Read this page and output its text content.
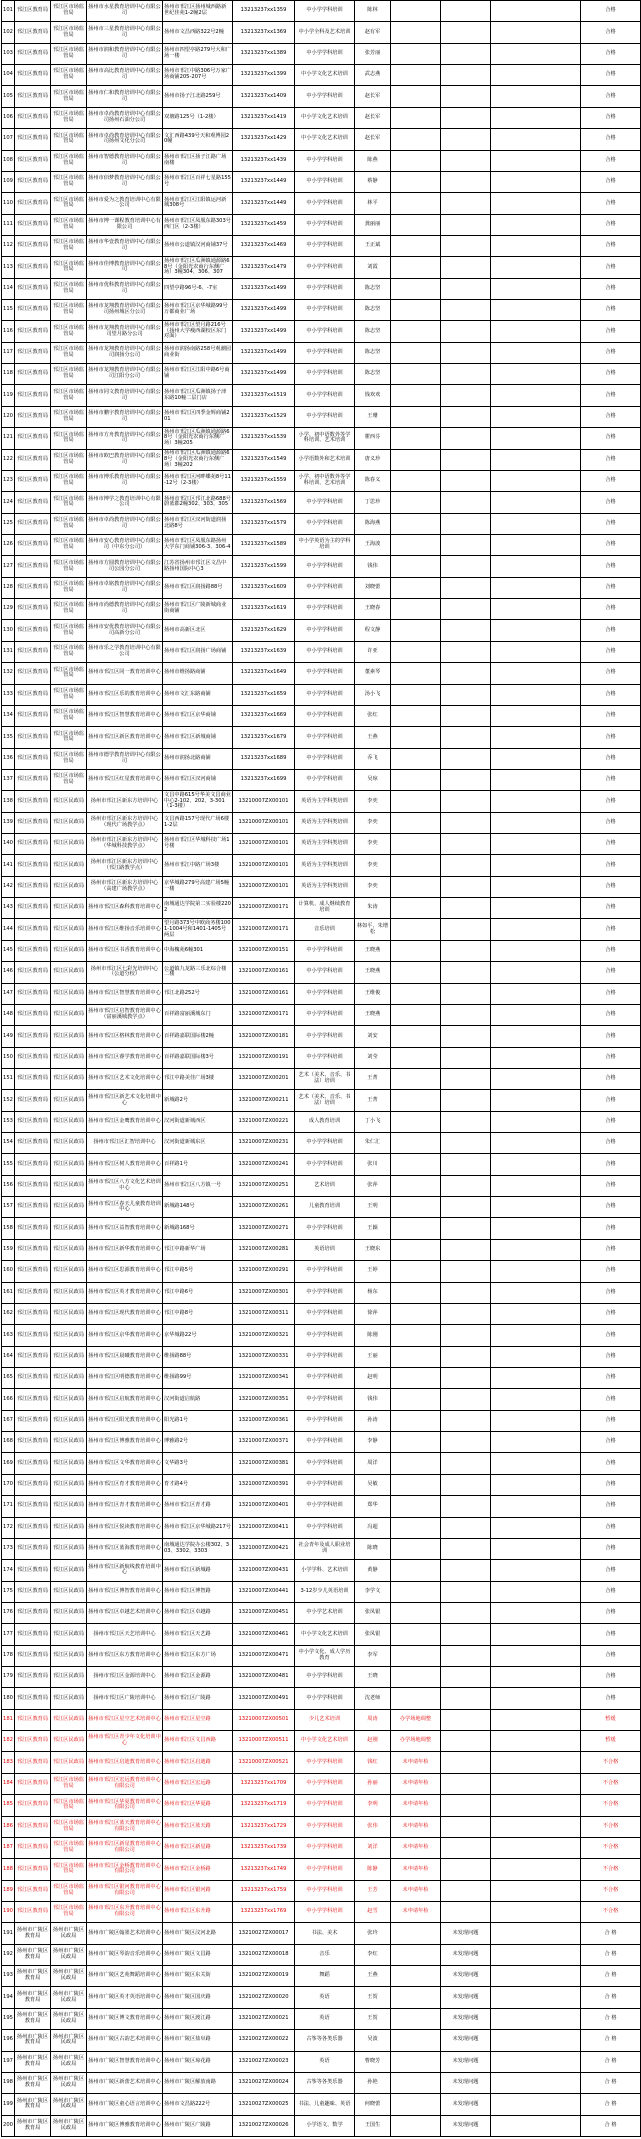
101	邗江区教育局	邗江区市场监管局	扬州市水星教育培训中心有限公司	扬州市邗江区扬州城西路新世纪佳苑1-2幢2层	13213237xx1359	中小学学科培训	陈林				合格
102	邗江区教育局	邗江区市场监管局	扬州市三星教育培训中心有限公司	扬州市文昌西路322号2幢	13213237xx1369	中小学全科及艺术培训	赵有军				合格
103	邗江区教育局	邗江区市场监管局	扬州市润和教育培训中心有限公司	扬州市四望亭路279号大和广场一楼	13213237xx1389	中小学学科培训	张芳丽				合格
104	邗江区教育局	邗江区市场监管局	扬州市高比教育培训中心有限公司	扬州市邗江中路306号万家广场商铺205-207号	13213237xx1399	中小学文化艺术培训	武志燕				合格
105	邗江区教育局	邗江区市场监管局	扬州市仁和教育培训中心有限公司	扬州市扬子江北路259号	13213237xx1409	中小学学科培训	赵长军				合格
106	邗江区教育局	邗江区市场监管局	扬州市卓尚教育培训中心有限公司扬州石油分公司	双塘路125号（1-2楼）	13213237xx1419	中小学文化艺术培训	赵长军				合格
107	邗江区教育局	邗江区市场监管局	扬州市卓尚教育培训中心有限公司扬州文化分公司	文汇西路439号天和观博园20幢	13213237xx1429	中小学文化艺术培训	赵长军				合格
108	邗江区教育局	邗江区市场监管局	扬州市智德教育培训中心有限公司	扬州市邗江区扬子江路广场南楼	13213237xx1439	中小学学科培训	陈燕				合格
109	邗江区教育局	邗江区市场监管局	扬州市佰梦教育培训中心有限公司	扬州市邗江区百祥七星路155号	13213237xx1449	中小学学科培训	蔡静				合格
110	邗江区教育局	邗江区市场监管局	扬州市爱为之教育培训中心有限公司	扬州市邗江区江阳镇运河新城308号	13213237xx1449	中小学学科培训	林平				合格
111	邗江区教育局	邗江区市场监管局	扬州市博一课程教育培训中心有限公司	扬州市邗江区凤凰东路303号西门区（2-3楼）	13213237xx1459	中小学学科培训	龚丽丽				合格
112	邗江区教育局	邗江区市场监管局	扬州市华壹教育培训中心有限公司	扬州市公道镇汉河商铺37号	13213237xx1469	中小学学科培训	王正斌				合格
113	邗江区教育局	邗江区市场监管局	扬州市佳博教育培训中心有限公司	扬州市邗江区瓜洲镇通源路68号（金阳光农商行东侧广场）3幢304、306、307	13213237xx1479	中小学学科培训	刘霞				合格
114	邗江区教育局	邗江区市场监管局	扬州市优科教育培训中心有限公司	四望亭路96号-6、-7室	13213237xx1499	中小学学科培训	陈志坚				合格
115	邗江区教育局	邗江区市场监管局	扬州市龙翔教育培训中心有限公司扬州城区分公司	扬州市邗江区京华城路99号万都商业广场	13213237xx1499	中小学学科培训	陈志坚				合格
116	邗江区教育局	邗江区市场监管局	扬州市龙翔教育培训中心有限公司望月路分公司	扬州市邗江区望月路216号（扬州大学瘦西湖校区东门对面）	13213237xx1499	中小学学科培训	陈志坚				合格
117	邗江区教育局	邗江区市场监管局	扬州市龙翔教育培训中心有限公司润扬分公司	扬州市润扬南路258号观潮园商业街	13213237xx1499	中小学学科培训	陈志坚				合格
118	邗江区教育局	邗江区市场监管局	扬州市龙翔教育培训中心有限公司江阳分公司	扬州市邗江区江阳中路6号商铺	13213237xx1499	中小学学科培训	陈志坚				合格
119	邗江区教育局	邗江区市场监管局	扬州市同文教育培训中心有限公司	扬州市邗江区瓜洲镇扬子津东路10幢二层门店	13213237xx1519	中小学学科培训	钱欢欢				合格
120	邗江区教育局	邗江区市场监管局	扬州市鹏宇教育培训中心有限公司	扬州市邗江区四季金辉商铺201	13213237xx1529	中小学学科培训	王珊				合格
121	邗江区教育局	邗江区市场监管局	扬州市方舟教育培训中心有限公司	扬州市邗江区瓜洲镇通源路68号（金阳光农商行东侧广场）3幢205	13213237xx1539	小学、初中语数外等学科培训、艺术培训	瞿西芬				合格
122	邗江区教育局	邗江区市场监管局	扬州市欧巴教育培训中心有限公司	扬州市邗江区瓜洲镇通源路68号（金阳光农商行东侧广场）3幢202	13213237xx1549	小学语数外和艺术培训	唐义珍				合格
123	邗江区教育局	邗江区市场监管局	扬州市博乐教育培训中心有限公司	扬州市邗江区河畔蝶苑8号11-12号（2-3楼）	13213237xx1559	小学、初中语数外等学科培训、艺术培训	陈春义				合格
124	邗江区教育局	邗江区市场监管局	扬州市博学之教育培训中心有限公司	扬州市邗江区邗江北路688号蔚蓝郡2幢302、303、305	13213237xx1569	中小学学科培训	丁思珍				合格
125	邗江区教育局	邗江区市场监管局	扬州市卓尚教育培训中心有限公司	扬州市邗江区汊河街道润扬北路8号	13213237xx1579	中小学学科培训	陈海燕				合格
126	邗江区教育局	邗江区市场监管局	扬州市安心教育培训中心有限公司（中东分公司）	扬州市邗江区凤凰东路扬州大学东门商铺306-3、306-4	13213237xx1589	中小学英语为主的学科培训	王海波				合格
127	邗江区教育局	邗江区市场监管局	扬州市方圆教育培训中心有限公司公园分公司	江苏省扬州市邗江区文昌中路扬州国际中心3	13213237xx1599	中小学学科培训	钱伟				合格
128	邗江区教育局	邗江区市场监管局	扬州市卓铭教育培训中心有限公司	扬州市邗江区润扬路88号	13213237xx1609	中小学学科培训	刘晓蕾				合格
129	邗江区教育局	邗江区市场监管局	扬州市尚德教育培训中心有限公司	扬州市邗江区广陵新城商业街商铺	13213237xx1619	中小学学科培训	王晓春				合格
130	邗江区教育局	邗江区市场监管局	扬州市安优教育培训中心有限公司高新分公司	扬州市高新区北区	13213237xx1629	中小学学科培训	程文静				合格
131	邗江区教育局	邗江区市场监管局	扬州市乐之学教育培训中心有限公司	扬州市邗江区润扬广场商铺	13213237xx1639	中小学学科培训	许亚				合格
132	邗江区教育局	邗江区市场监管局	扬州市邗江区同一教育培训中心	扬州市维扬路商铺	13213237xx1649	中小学学科培训	董素琴				合格
133	邗江区教育局	邗江区市场监管局	扬州市邗江区乐的教育培训中心	扬州市文汇东路商铺	13213237xx1659	中小学学科培训	汤小飞				合格
134	邗江区教育局	邗江区市场监管局	扬州市邗江区智慧教育培训中心	扬州市邗江区京华商铺	13213237xx1669	中小学学科培训	张红				合格
135	邗江区教育局	邗江区市场监管局	扬州市邗江区新区教育培训中心	扬州市邗江区新城商铺	13213237xx1679	中小学学科培训	王燕				合格
136	邗江区教育局	邗江区市场监管局	扬州市德学教育培训中心有限公司	扬州市润扬北路商铺	13213237xx1689	中小学学科培训	乔飞				合格
137	邗江区教育局	邗江区市场监管局	扬州市邗江区红星教育培训中心	扬州市邗江区汊河商铺	13213237xx1699	中小学学科培训	吴琼				合格
138	邗江区教育局	邗江区民政局	扬州市邗江区新东方培训中心	文昌中路615号华美文昌商业中心2-102、202、3-301（1-3楼）	13210007ZX00101	英语为主学科类培训	李奕				合格
139	邗江区教育局	邗江区民政局	扬州市邗江区新东方培训中心（现代广场教学点）	文昌西路157号现代广场6楼1-2层	13210007ZX00101	英语为主学科类培训	李奕				合格
140	邗江区教育局	邗江区民政局	扬州市邗江区新东方培训中心（华城科技教学点）	扬州市邗江区华城科技广场1号楼	13210007ZX00101	英语为主学科类培训	李奕				合格
141	邗江区教育局	邗江区民政局	扬州市邗江区新东方培训中心（邗江路教学点）	扬州市邗江中路广场3楼	13210007ZX00101	英语为主学科类培训	李奕				合格
142	邗江区教育局	邗江区民政局	扬州市邗江区新东方培训中心（高建广场教学点）	京华城路279号高建广场5幢一楼	13210007ZX00101	英语为主学科类培训	李奕				合格
143	邗江区教育局	邗江区民政局	扬州市邗江区森科教育培训中心	南城通达学院第二实验楼2202	13210007ZX00171	计算机、成人继续教育培训	朱涛				合格
144	邗江区教育局	邗江区民政局	扬州市邗江区维扬音乐培训中心	望月路373号中欧商务楼1001-1004号和1401-1405号两层	13210007ZX00171	音乐培训	林如平、朱增松				合格
145	邗江区教育局	邗江区民政局	扬州市邗江区书香教育培训中心	中海槐苑6幢301	13210007ZX00151	中小学学科培训	王晓燕				合格
146	邗江区教育局	邗江区民政局	扬州市邗江区七彩光培训中心（公道分校）	公道镇九龙路三乐北综合楼二楼	13210007ZX00161	中小学学科培训	王晓燕				合格
147	邗江区教育局	邗江区民政局	扬州市邗江区智慧教育培训中心	邗江北路252号	13210007ZX00161	中小学学科培训	王维俊				合格
148	邗江区教育局	邗江区民政局	扬州市邗江区启智教育培训中心（富丽溪城教学点）	百祥路富丽溪城东门	13210007ZX00171	中小学学科培训	王晓燕				合格
149	邗江区教育局	邗江区民政局	扬州市邗江区格林教育培训中心	百祥路嘉联国际楼2幢	13210007ZX00181	中小学学科培训	刘安				合格
150	邗江区教育局	邗江区民政局	扬州市邗江区睿学教育培训中心	百祥路嘉联国际楼3号	13210007ZX00191	中小学学科培训	刘莹				合格
151	邗江区教育局	邗江区民政局	扬州市邗江区艺术文化培训中心	邗江中路美佳广场3楼	13210007ZX00201	艺术（美术、音乐、书法）培训	王菁				合格
152	邗江区教育局	邗江区民政局	扬州市邗江区新艺术文化培训中心	新城路2号	13210007ZX00211	艺术（美术、音乐、书法）培训	王菁				合格
153	邗江区教育局	邗江区民政局	扬州市邗江区金鹰教育培训中心	汉河街道新城西区	13210007ZX00221	成人教育培训	丁小飞				合格
154	邗江区教育局	邗江区民政局	扬州市邗江区汇智培训中心	汉河街道新城东区	13210007ZX00231	中小学学科培训	朱仁汇				合格
155	邗江区教育局	邗江区民政局	扬州市邗江区树人教育培训中心	百祥路1号	13210007ZX00241	中小学学科培训	张川				合格
156	邗江区教育局	邗江区民政局	扬州市邗江区八方文化艺术培训中心	扬州市邗江区八方镇一号	13210007ZX00251	艺术培训	张萍				合格
157	邗江区教育局	邗江区民政局	扬州市邗江区春天儿童教育培训中心	新城路148号	13210007ZX00261	儿童教育培训	王明				合格
158	邗江区教育局	邗江区民政局	扬州市邗江区益智教育培训中心	新城路168号	13210007ZX00271	中小学学科培训	王颖				合格
159	邗江区教育局	邗江区民政局	扬州市邗江区新华教育培训中心	邗江中路新华广场	13210007ZX00281	英语培训	王晓东				合格
160	邗江区教育局	邗江区民政局	扬州市邗江区思源教育培训中心	邗江中路5号	13210007ZX00291	中小学学科培训	王婷				合格
161	邗江区教育局	邗江区民政局	扬州市邗江区英才教育培训中心	邗江中路6号	13210007ZX00301	中小学学科培训	杨东				合格
162	邗江区教育局	邗江区民政局	扬州市邗江区现代教育培训中心	邗江中路8号	13210007ZX00311	中小学学科培训	徐萍				合格
163	邗江区教育局	邗江区民政局	扬州市邗江区京华教育培训中心	京华城路22号	13210007ZX00321	中小学学科培训	陈刚				合格
164	邗江区教育局	邗江区民政局	扬州市邗江区晨曦教育培训中心	维扬路88号	13210007ZX00331	中小学学科培训	王丽				合格
165	邗江区教育局	邗江区民政局	扬州市邗江区明德教育培训中心	维扬路99号	13210007ZX00341	中小学学科培训	赵明				合格
166	邗江区教育局	邗江区民政局	扬州市邗江区启航教育培训中心	汉河街道启航路	13210007ZX00351	中小学学科培训	钱伟				合格
167	邗江区教育局	邗江区民政局	扬州市邗江区阳光教育培训中心	阳光路1号	13210007ZX00361	中小学学科培训	孙涛				合格
168	邗江区教育局	邗江区民政局	扬州市邗江区博雅教育培训中心	博雅路2号	13210007ZX00371	中小学学科培训	李静				合格
169	邗江区教育局	邗江区民政局	扬州市邗江区文华教育培训中心	文华路3号	13210007ZX00381	中小学学科培训	周洋				合格
170	邗江区教育局	邗江区民政局	扬州市邗江区育才教育培训中心	育才路4号	13210007ZX00391	中小学学科培训	吴敏				合格
171	邗江区教育局	邗江区民政局	扬州市邗江区青才教育培训中心	扬州市邗江区青才路	13210007ZX00401	中小学学科培训	郑华				合格
172	邗江区教育局	邗江区民政局	扬州市邗江区悦读教育培训中心	扬州市邗江区京华城路217号	13210007ZX00411	中小学学科培训	冯超				合格
173	邗江区教育局	邗江区民政局	扬州市邗江区蓝海教育培训中心	南城通达学院办公楼302、303、3302、3303	13210007ZX00421	社会青年及成人职业培训	陈晓				合格
174	邗江区教育局	邗江区民政局	扬州市邗江区新航线教育培训中心	扬州市邗江区新城路	13210007ZX00431	小学学科、艺术培训	黄静				合格
175	邗江区教育局	邗江区民政局	扬州市邗江区博智教育培训中心	扬州市邗江区博智路	13210007ZX00441	3-12岁少儿英语培训	李学文				合格
176	邗江区教育局	邗江区民政局	扬州市邗江区卓越艺术培训中心	扬州市邗江区卓越路	13210007ZX00451	中小学艺术培训	张凤银				合格
177	邗江区教育局	邗江区民政局	扬州市邗江区天艺培训中心	扬州市邗江区天艺路	13210007ZX00461	中小学文化艺术培训	张凤银				合格
178	邗江区教育局	邗江区民政局	扬州市邗江区东方教育培训中心	扬州市邗江区东方广场	13210007ZX00471	中小学文化、成人学历教育	李军				合格
179	邗江区教育局	邗江区民政局	扬州市邗江区金源培训中心	扬州市邗江区金源路	13210007ZX00481	中小学学科培训	王晓				合格
180	邗江区教育局	邗江区民政局	扬州市邗江区广陵培训中心	扬州市邗江区广陵路	13210007ZX00491	中小学学科培训	沈老师				合格
181	邗江区教育局	邗江区民政局	扬州市邗江区星空艺术培训中心	扬州市邗江区星空路	13210007ZX00501	少儿艺术培训	周涛	办学场地调整			暂缓
182	邗江区教育局	邗江区民政局	扬州市邗江区青少年文化培训中心	扬州市邗江区文昌西路	13210007ZX00511	中小学文化艺术培训	赵刚	办学场地调整			暂缓
183	邗江区教育局	邗江区民政局	扬州市邗江区启迪教育培训中心	扬州市邗江区启迪路	13210007ZX00521	中小学学科培训	钱红	未申请年检			不合格
184	邗江区教育局	邗江区市场监管局	扬州市邗江区宏远教育培训中心有限公司	扬州市邗江区宏远路	13213237xx1709	中小学学科培训	孙丽	未申请年检			不合格
185	邗江区教育局	邗江区市场监管局	扬州市邗江区华夏教育培训中心有限公司	扬州市邗江区华夏路	13213237xx1719	中小学学科培训	李明	未申请年检			不合格
186	邗江区教育局	邗江区市场监管局	扬州市邗江区蓝天教育培训中心有限公司	扬州市邗江区蓝天路	13213237xx1729	中小学学科培训	张伟	未申请年检			不合格
187	邗江区教育局	邗江区市场监管局	扬州市邗江区新星教育培训中心有限公司	扬州市邗江区新星路	13213237xx1739	中小学学科培训	刘洋	未申请年检			不合格
188	邗江区教育局	邗江区市场监管局	扬州市邗江区金桥教育培训中心有限公司	扬州市邗江区金桥路	13213237xx1749	中小学学科培训	陈静	未申请年检			不合格
189	邗江区教育局	邗江区市场监管局	扬州市邗江区银河教育培训中心有限公司	扬州市邗江区银河路	13213237xx1759	中小学学科培训	王芳	未申请年检			不合格
190	邗江区教育局	邗江区市场监管局	扬州市邗江区东升教育培训中心有限公司	扬州市邗江区东升路	13213237xx1769	中小学学科培训	赵雪	未申请年检			不合格
191	扬州市广陵区教育局	扬州市广陵区民政局	扬州市广陵区翰墨艺术培训中心	扬州市广陵区汶河北路	13210027ZX00017	书法、美术	张玲		未发现问题		合 格
192	扬州市广陵区教育局	扬州市广陵区民政局	扬州市广陵区琴韵音乐培训中心	扬州市广陵区文昌路	13210027ZX00018	音乐	李红		未发现问题		合 格
193	扬州市广陵区教育局	扬州市广陵区民政局	扬州市广陵区艺苑舞蹈培训中心	扬州市广陵区东关街	13210027ZX00019	舞蹈	王燕		未发现问题		合 格
194	扬州市广陵区教育局	扬州市广陵区民政局	扬州市广陵区英才英语培训中心	扬州市广陵区国庆路	13210027ZX00020	英语	王贺		未发现问题		合 格
195	扬州市广陵区教育局	扬州市广陵区民政局	扬州市广陵区博文教育培训中心	扬州市广陵区渡江路	13210027ZX00021	英语	王贺		未发现问题		合 格
196	扬州市广陵区教育局	扬州市广陵区民政局	扬州市广陵区古韵艺术培训中心	扬州市广陵区盐阜路	13210027ZX00022	古筝等各类乐器	吴波		未发现问题		合 格
197	扬州市广陵区教育局	扬州市广陵区民政局	扬州市广陵区智慧教育培训中心	扬州市广陵区琼花路	13210027ZX00023	英语	曹晓芳		未发现问题		合 格
198	扬州市广陵区教育局	扬州市广陵区民政局	扬州市广陵区新蕾艺术培训中心	扬州市广陵区解放南路	13210027ZX00024	古筝等各类乐器	孙艳		未发现问题		合 格
199	扬州市广陵区教育局	扬州市广陵区民政局	扬州市广陵区童心语言培训中心	扬州市文昌路222号	13210027ZX00025	书法、儿童趣味、英语	何晓蕾		未发现问题		合 格
200	扬州市广陵区教育局	扬州市广陵区民政局	扬州市广陵区博雅教育培训中心	扬州市广陵区广陵路	13210027ZX00026	小学语文、数学	王国生		未发现问题		合 格
